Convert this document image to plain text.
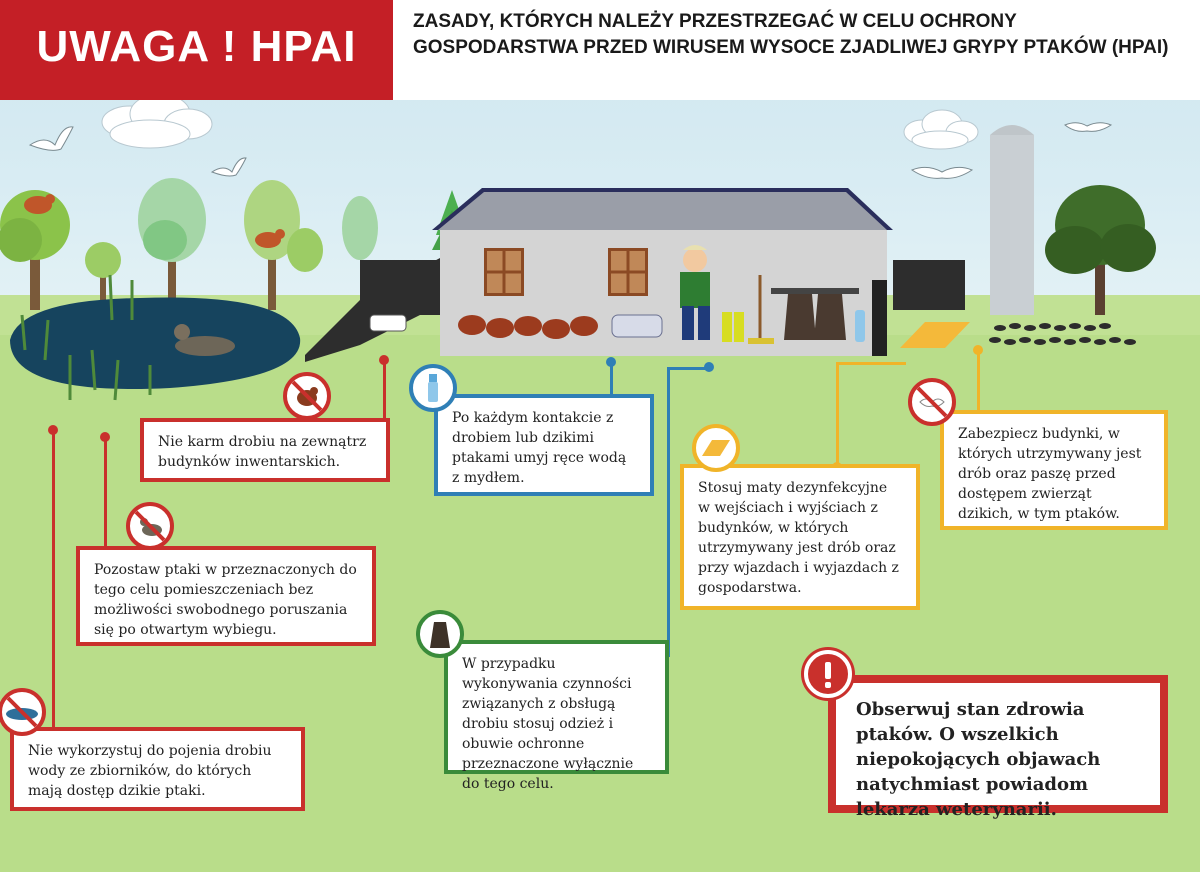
UWAGA ! HPAI
ZASADY, KTÓRYCH NALEŻY PRZESTRZEGAĆ W CELU OCHRONY GOSPODARSTWA PRZED WIRUSEM WYSOCE ZJADLIWEJ GRYPY PTAKÓW (HPAI)
Nie karm drobiu na zewnątrz budynków inwentarskich.
Pozostaw ptaki w przeznaczonych do tego celu pomieszczeniach bez możliwości swobodnego poruszania się po otwartym wybiegu.
Nie wykorzystuj do pojenia drobiu wody ze zbiorników, do których mają dostęp dzikie ptaki.
Po każdym kontakcie z drobiem lub dzikimi ptakami umyj ręce wodą z mydłem.
W przypadku wykonywania czynności związanych z obsługą drobiu stosuj odzież i obuwie ochronne przeznaczone wyłącznie do tego celu.
Stosuj maty dezynfekcyjne w wejściach i wyjściach z budynków, w których utrzymywany jest drób oraz przy wjazdach i wyjazdach z gospodarstwa.
Zabezpiecz budynki, w których utrzymywany jest drób oraz paszę przed dostępem zwierząt dzikich, w tym ptaków.
Obserwuj stan zdrowia ptaków. O wszelkich niepokojących objawach natychmiast powiadom lekarza weterynarii.
